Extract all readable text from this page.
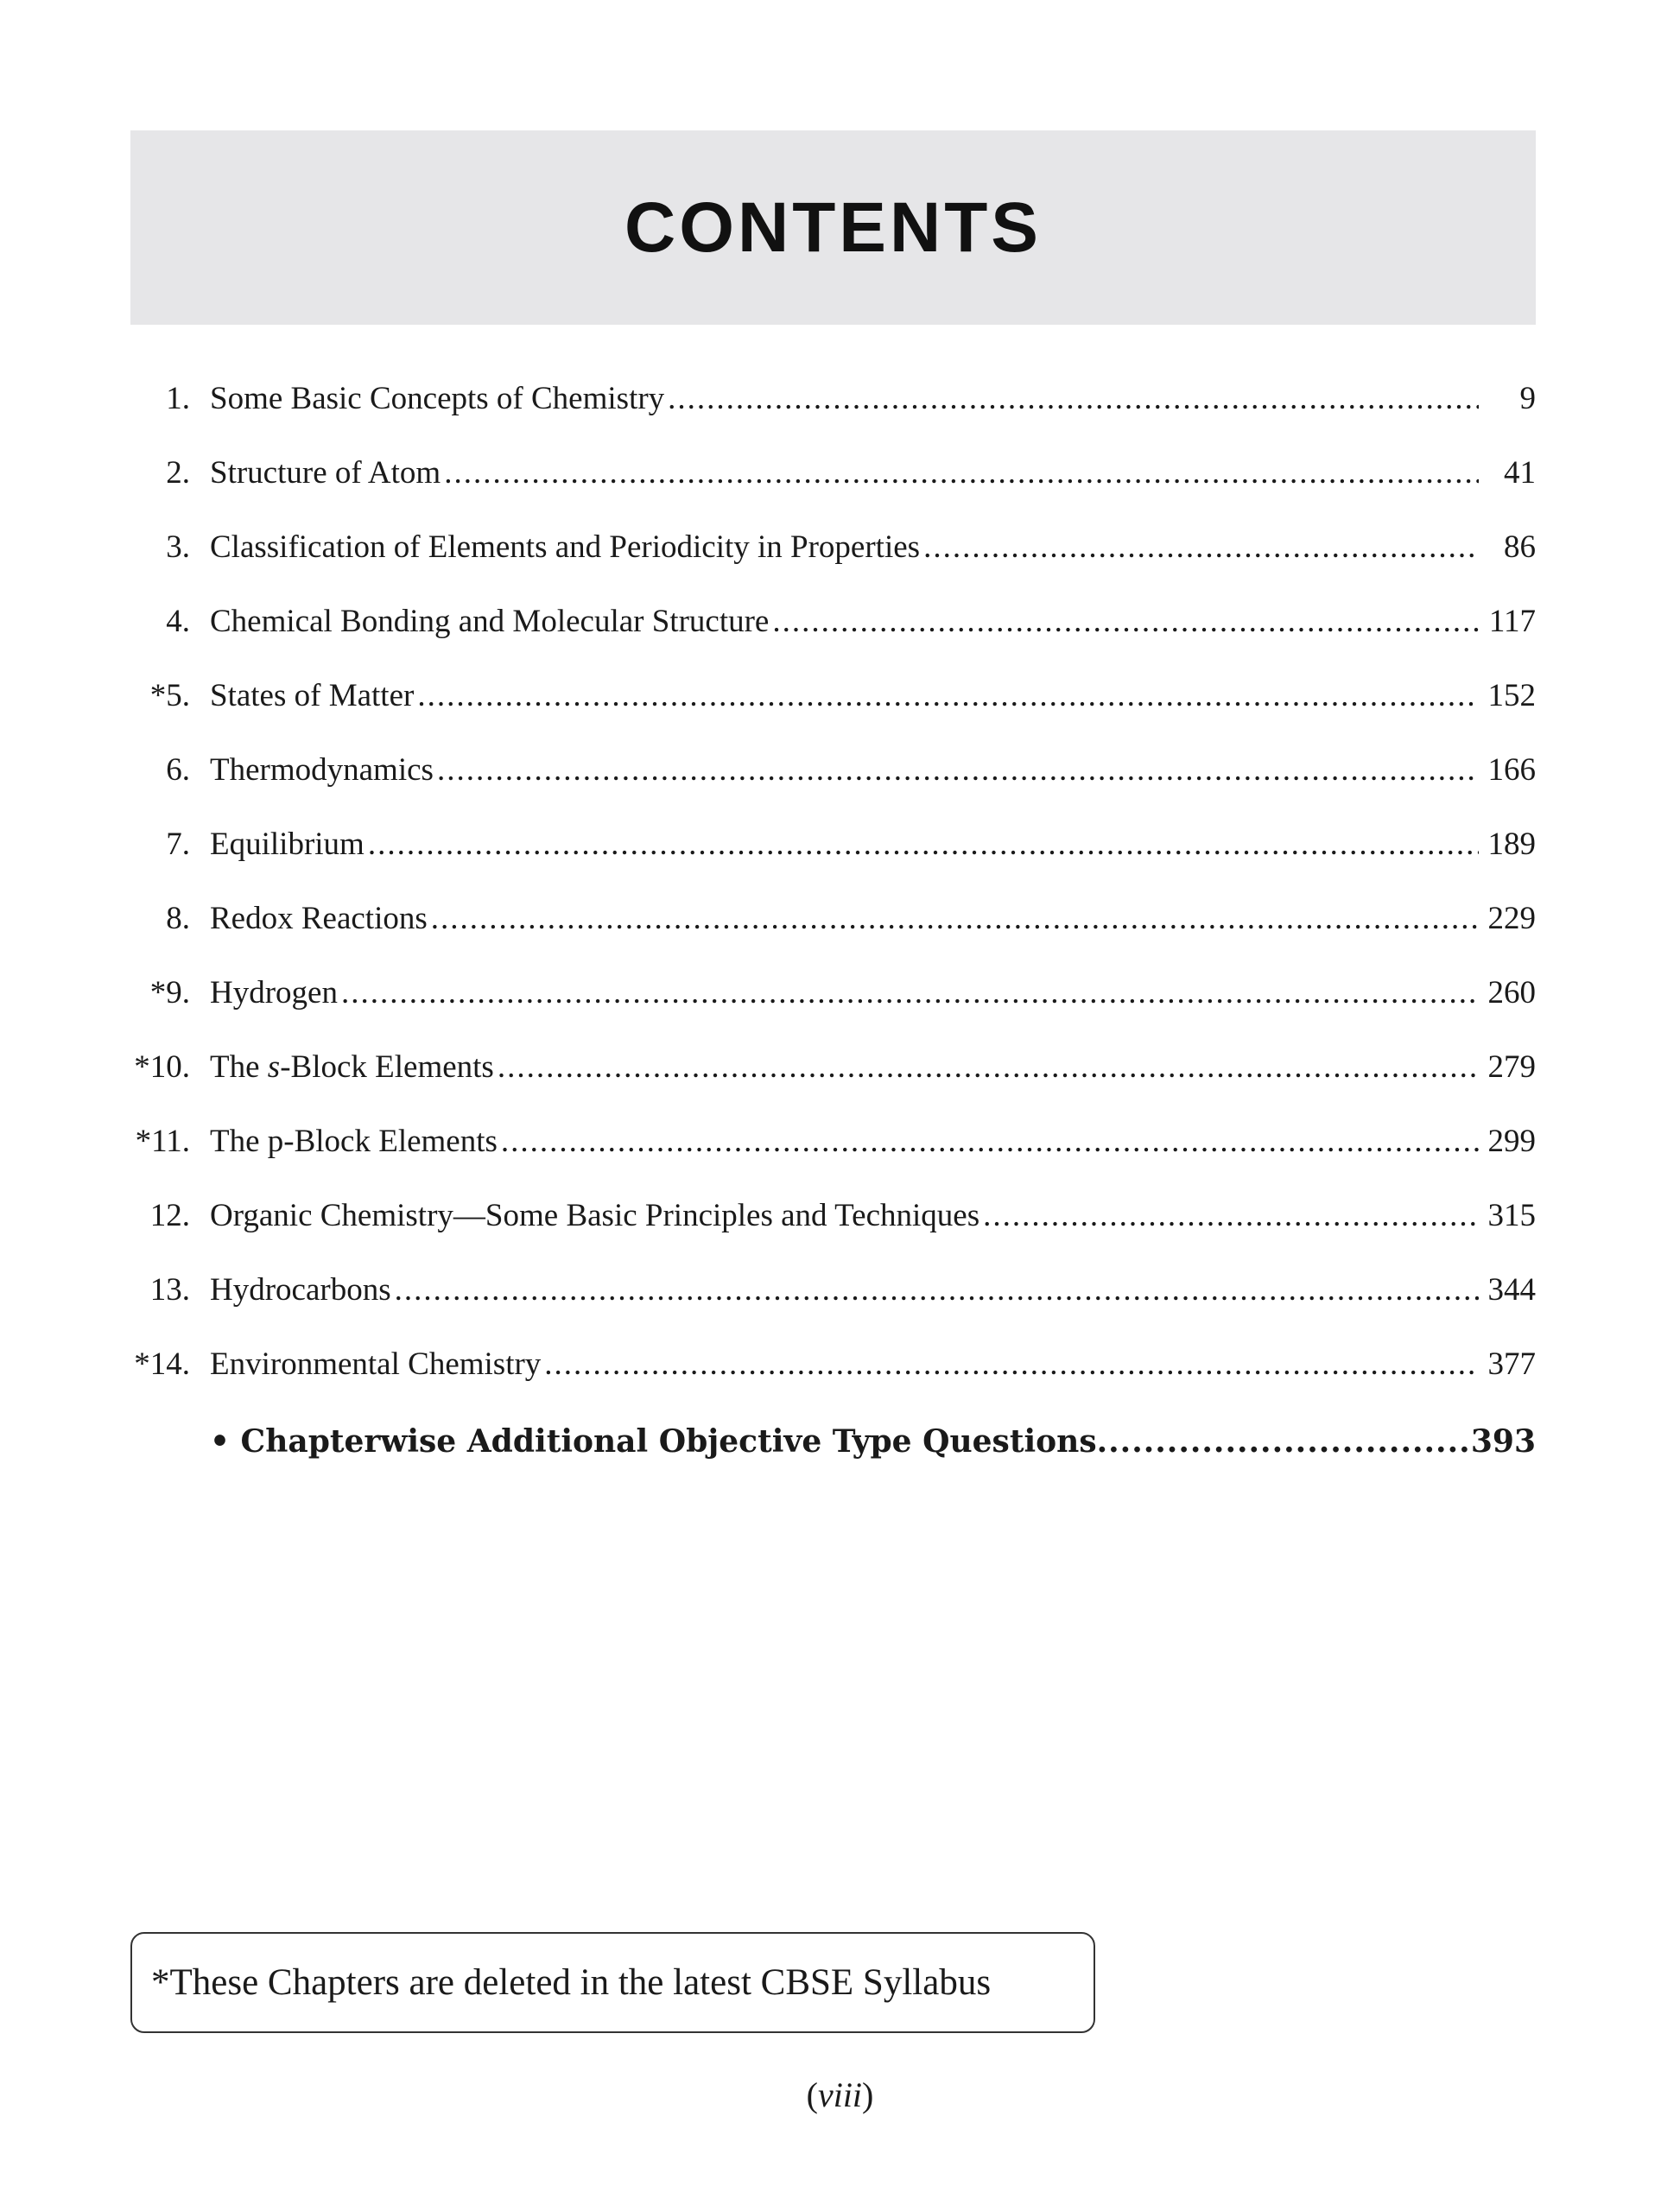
CONTENTS
1. Some Basic Concepts of Chemistry .....	9
2. Structure of Atom .....	41
3. Classification of Elements and Periodicity in Properties .....	86
4. Chemical Bonding and Molecular Structure .....	117
*5. States of Matter .....	152
6. Thermodynamics .....	166
7. Equilibrium .....	189
8. Redox Reactions .....	229
*9. Hydrogen .....	260
*10. The s-Block Elements .....	279
*11. The p-Block Elements .....	299
12. Organic Chemistry—Some Basic Principles and Techniques .....	315
13. Hydrocarbons .....	344
*14. Environmental Chemistry .....	377
• Chapterwise Additional Objective Type Questions .....	393
*These Chapters are deleted in the latest CBSE Syllabus
(viii)
